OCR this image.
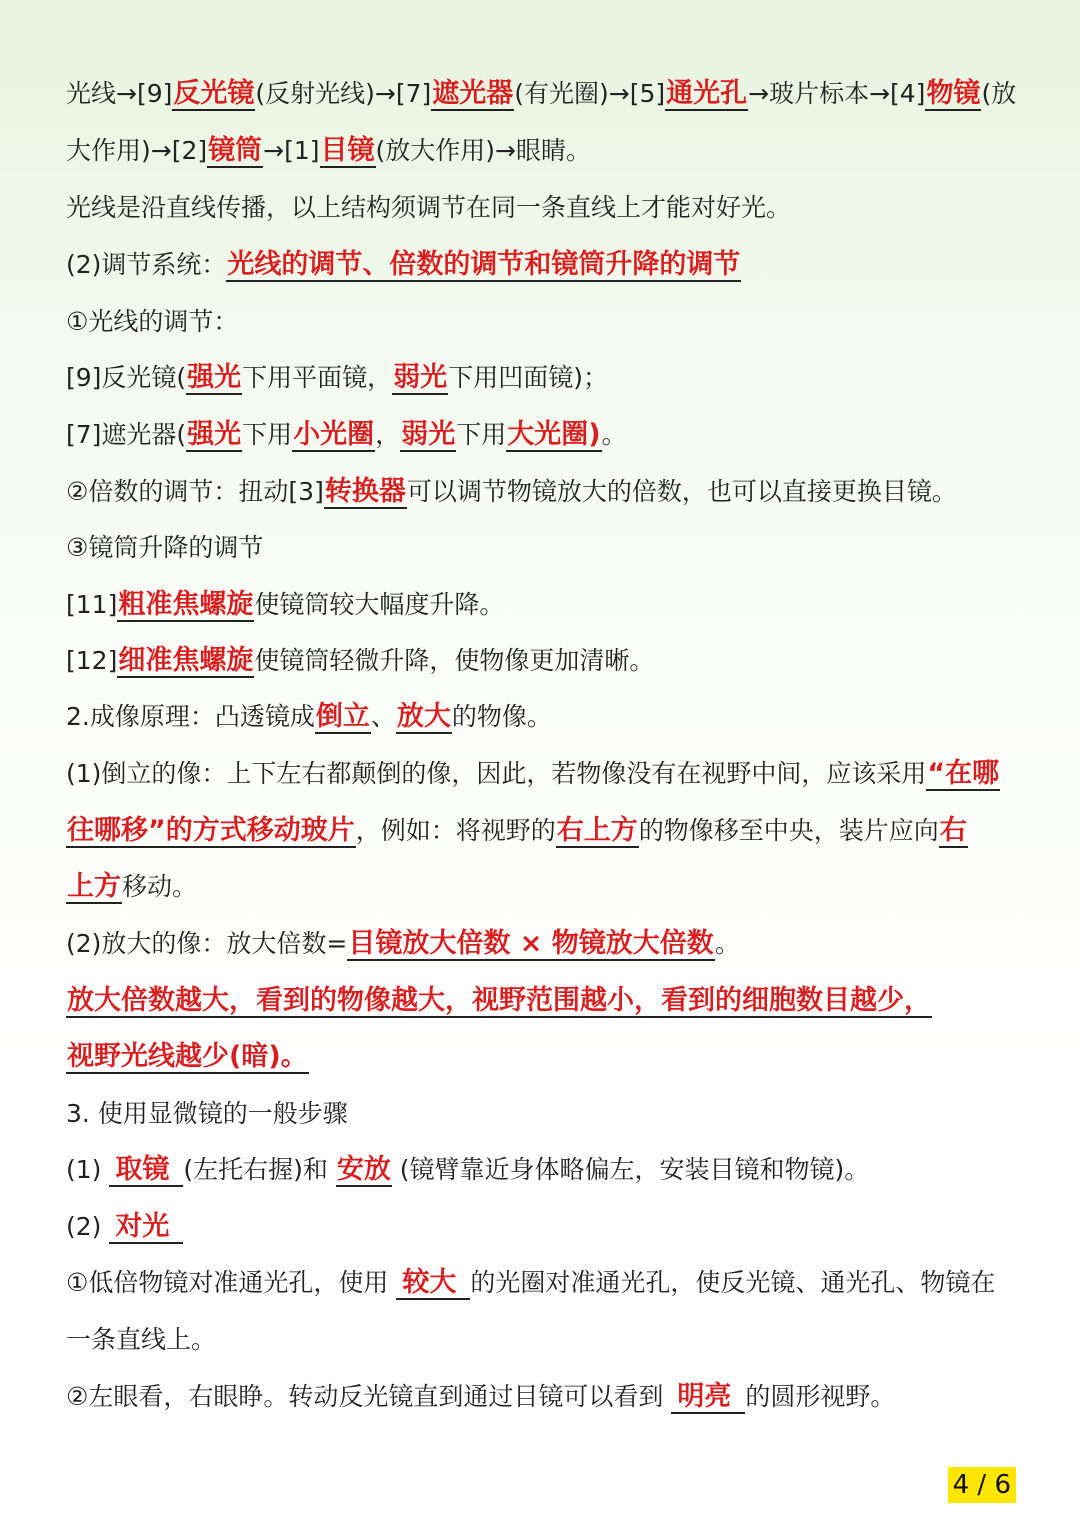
光线→[9]反光镜(反射光线)→[7]遮光器(有光圈)→[5]通光孔→玻片标本→[4]物镜(放
大作用)→[2]镜筒→[1]目镜(放大作用)→眼睛。
光线是沿直线传播，以上结构须调节在同一条直线上才能对好光。
(2)调节系统：光线的调节、倍数的调节和镜筒升降的调节
①光线的调节：
[9]反光镜(强光下用平面镜，弱光下用凹面镜)；
[7]遮光器(强光下用小光圈，弱光下用大光圈)。
②倍数的调节：扭动[3]转换器可以调节物镜放大的倍数，也可以直接更换目镜。
③镜筒升降的调节
[11]粗准焦螺旋使镜筒较大幅度升降。
[12]细准焦螺旋使镜筒轻微升降，使物像更加清晰。
2.成像原理：凸透镜成倒立、放大的物像。
(1)倒立的像：上下左右都颠倒的像，因此，若物像没有在视野中间，应该采用“在哪
往哪移”的方式移动玻片，例如：将视野的右上方的物像移至中央，装片应向右
上方移动。
(2)放大的像：放大倍数=目镜放大倍数 × 物镜放大倍数。
放大倍数越大，看到的物像越大，视野范围越小，看到的细胞数目越少，
视野光线越少(暗)。
3. 使用显微镜的一般步骤
(1) 取镜 (左托右握)和 安放 (镜臂靠近身体略偏左，安装目镜和物镜)。
(2) 对光
①低倍物镜对准通光孔，使用 较大 的光圈对准通光孔，使反光镜、通光孔、物镜在
一条直线上。
②左眼看，右眼睁。转动反光镜直到通过目镜可以看到 明亮 的圆形视野。
4 / 6
